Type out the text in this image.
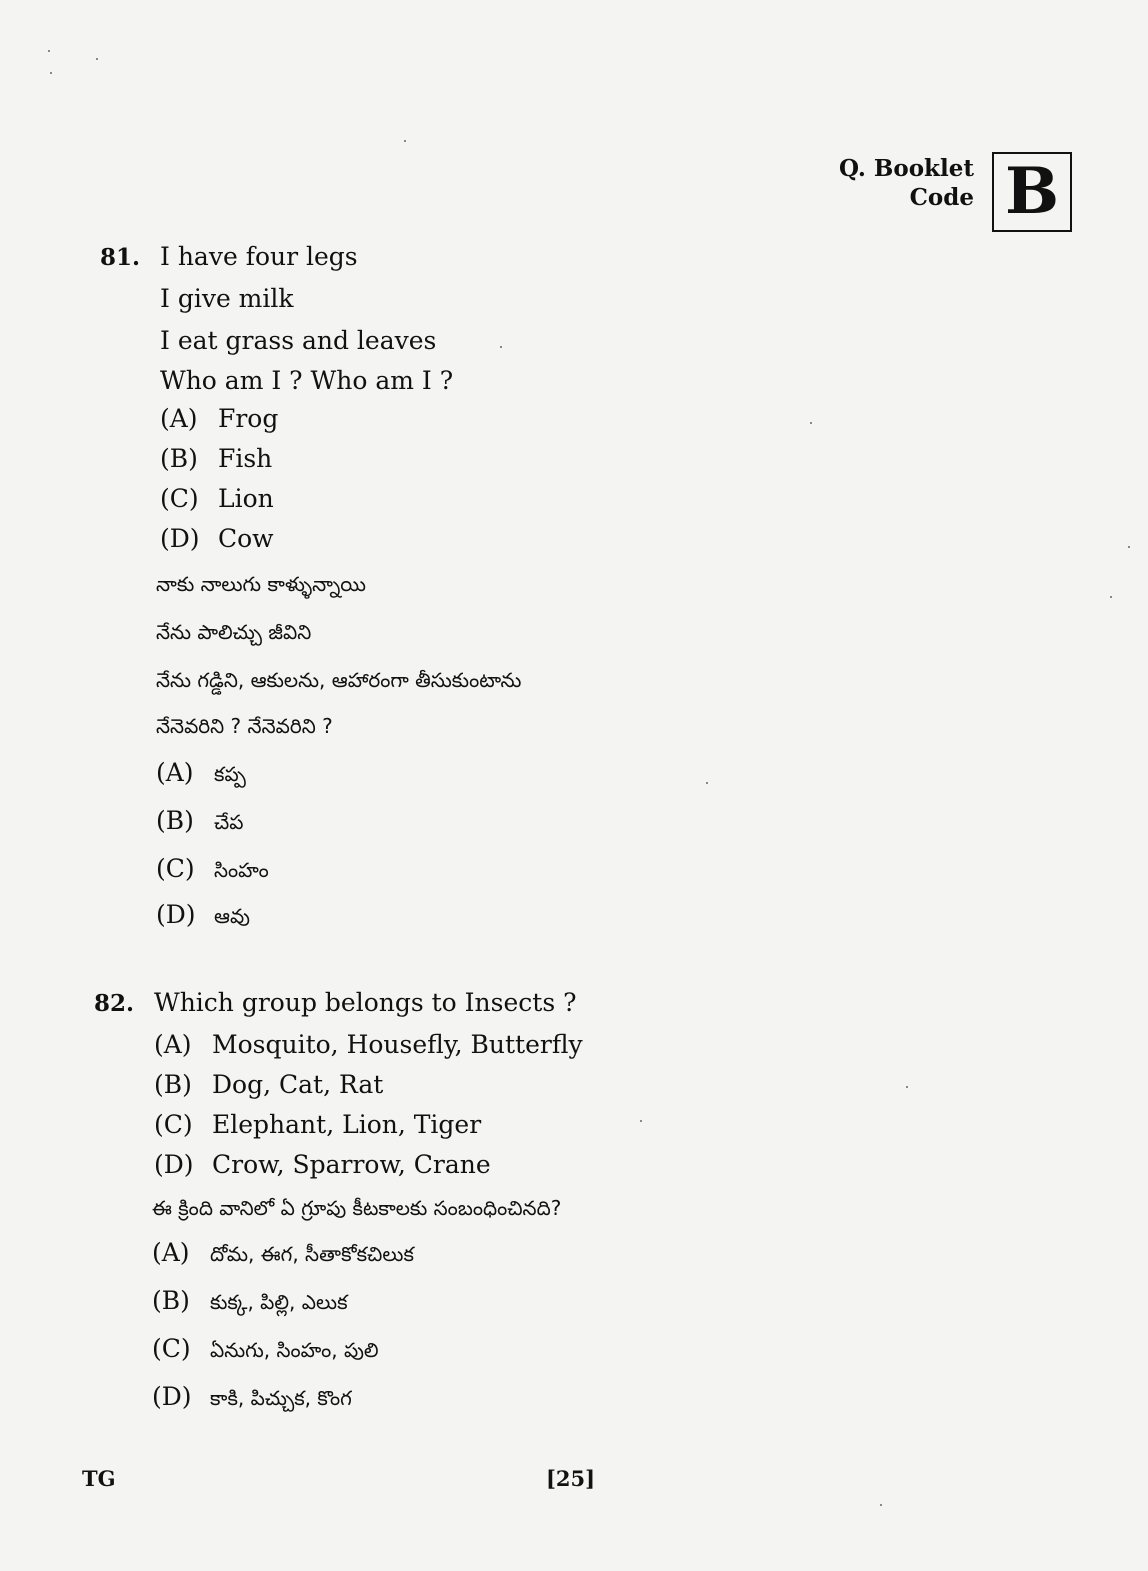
Q. Booklet
Code B
81. I have four legs
I give milk
I eat grass and leaves
Who am I ? Who am I ?
(A) Frog
(B) Fish
(C) Lion
(D) Cow
నాకు నాలుగు కాళ్ళున్నాయి
నేను పాలిచ్చు జీవిని
నేను గడ్డిని, ఆకులను, ఆహారంగా తీసుకుంటాను
నేనెవరిని ? నేనెవరిని ?
(A) కప్ప
(B) చేప
(C) సింహం
(D) ఆవు
82. Which group belongs to Insects ?
(A) Mosquito, Housefly, Butterfly
(B) Dog, Cat, Rat
(C) Elephant, Lion, Tiger
(D) Crow, Sparrow, Crane
ఈ క్రింది వానిలో ఏ గ్రూపు కీటకాలకు సంబంధించినది?
(A) దోమ, ఈగ, సీతాకోకచిలుక
(B) కుక్క, పిల్లి, ఎలుక
(C) ఏనుగు, సింహం, పులి
(D) కాకి, పిచ్చుక, కొంగ
TG	[25]
